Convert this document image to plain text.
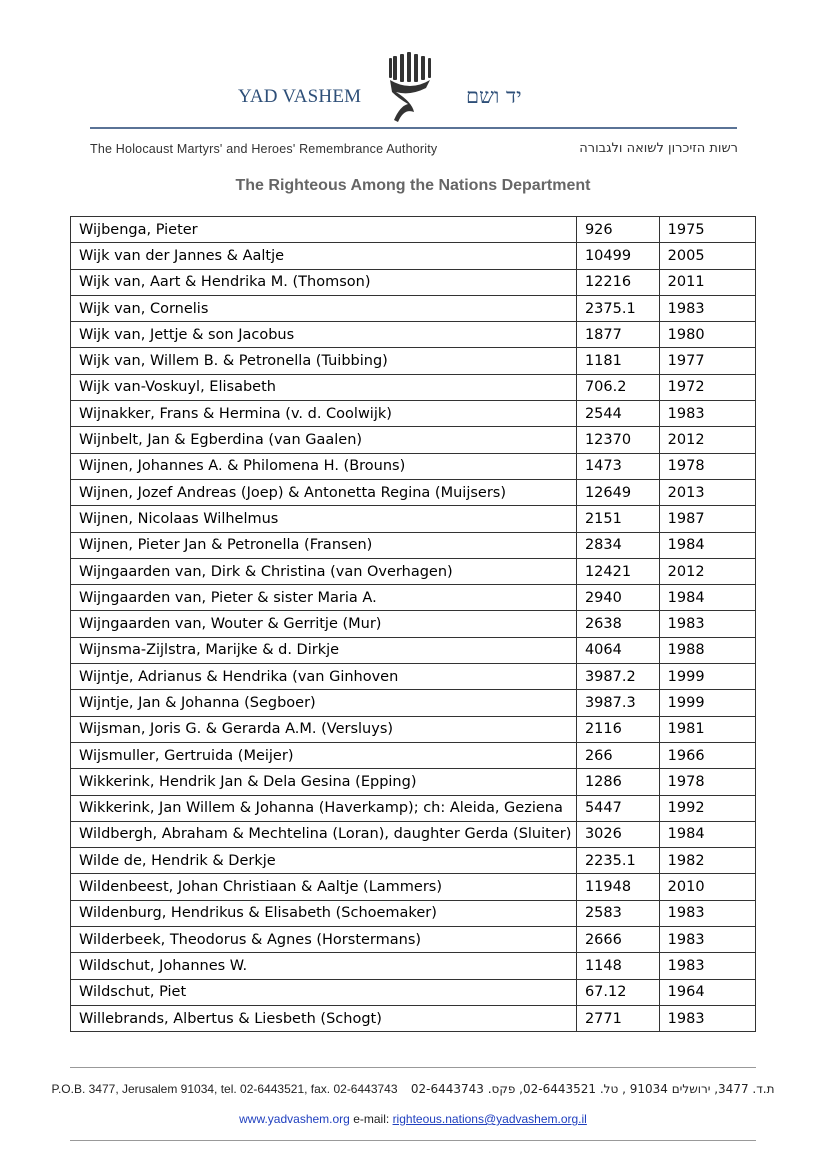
YAD VASHEM	יד ושם
The Holocaust Martyrs' and Heroes' Remembrance Authority	רשות הזיכרון לשואה ולגבורה
The Righteous Among the Nations Department
Wijbenga, Pieter	926	1975
Wijk van der Jannes & Aaltje	10499	2005
Wijk van, Aart & Hendrika M. (Thomson)	12216	2011
Wijk van, Cornelis	2375.1	1983
Wijk van, Jettje & son Jacobus	1877	1980
Wijk van, Willem B. & Petronella (Tuibbing)	1181	1977
Wijk van-Voskuyl, Elisabeth	706.2	1972
Wijnakker, Frans & Hermina (v. d. Coolwijk)	2544	1983
Wijnbelt, Jan & Egberdina (van Gaalen)	12370	2012
Wijnen, Johannes A. & Philomena H. (Brouns)	1473	1978
Wijnen, Jozef Andreas (Joep) & Antonetta Regina (Muijsers)	12649	2013
Wijnen, Nicolaas Wilhelmus	2151	1987
Wijnen, Pieter Jan & Petronella (Fransen)	2834	1984
Wijngaarden van, Dirk & Christina (van Overhagen)	12421	2012
Wijngaarden van, Pieter & sister Maria A.	2940	1984
Wijngaarden van, Wouter & Gerritje (Mur)	2638	1983
Wijnsma-Zijlstra, Marijke & d. Dirkje	4064	1988
Wijntje, Adrianus & Hendrika (van Ginhoven	3987.2	1999
Wijntje, Jan & Johanna (Segboer)	3987.3	1999
Wijsman, Joris G. & Gerarda A.M. (Versluys)	2116	1981
Wijsmuller, Gertruida (Meijer)	266	1966
Wikkerink, Hendrik Jan & Dela Gesina (Epping)	1286	1978
Wikkerink, Jan Willem & Johanna (Haverkamp); ch: Aleida, Geziena	5447	1992
Wildbergh, Abraham & Mechtelina (Loran), daughter Gerda (Sluiter)	3026	1984
Wilde de, Hendrik & Derkje	2235.1	1982
Wildenbeest, Johan Christiaan & Aaltje (Lammers)	11948	2010
Wildenburg, Hendrikus & Elisabeth (Schoemaker)	2583	1983
Wilderbeek, Theodorus & Agnes (Horstermans)	2666	1983
Wildschut, Johannes W.	1148	1983
Wildschut, Piet	67.12	1964
Willebrands, Albertus & Liesbeth (Schogt)	2771	1983
P.O.B. 3477, Jerusalem 91034, tel. 02-6443521, fax. 02-6443743 ת.ד. 3477, ירושלים 91034 , טל. 02-6443521, פקס. 02-6443743
www.yadvashem.org e-mail: righteous.nations@yadvashem.org.il
